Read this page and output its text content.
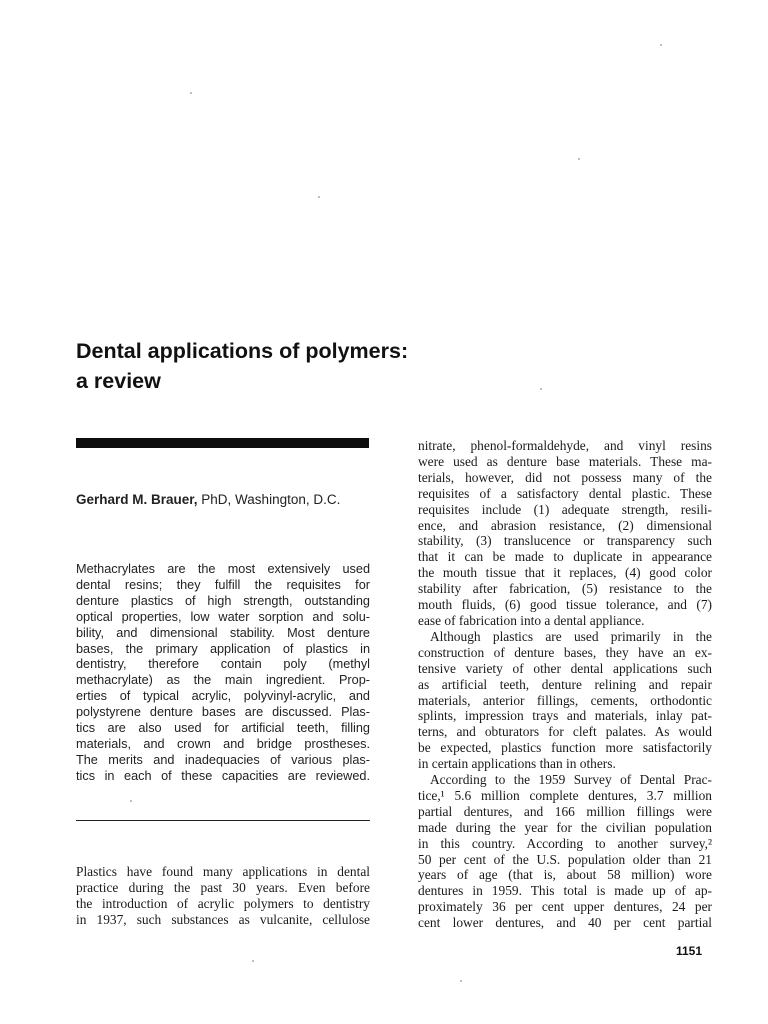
Dental applications of polymers:
a review
Gerhard M. Brauer, PhD, Washington, D.C.
Methacrylates are the most extensively used
dental resins; they fulfill the requisites for
denture plastics of high strength, outstanding
optical properties, low water sorption and solu-
bility, and dimensional stability. Most denture
bases, the primary application of plastics in
dentistry, therefore contain poly (methyl
methacrylate) as the main ingredient. Prop-
erties of typical acrylic, polyvinyl-acrylic, and
polystyrene denture bases are discussed. Plas-
tics are also used for artificial teeth, filling
materials, and crown and bridge prostheses.
The merits and inadequacies of various plas-
tics in each of these capacities are reviewed.
Plastics have found many applications in dental
practice during the past 30 years. Even before
the introduction of acrylic polymers to dentistry
in 1937, such substances as vulcanite, cellulose
nitrate, phenol-formaldehyde, and vinyl resins
were used as denture base materials. These ma-
terials, however, did not possess many of the
requisites of a satisfactory dental plastic. These
requisites include (1) adequate strength, resili-
ence, and abrasion resistance, (2) dimensional
stability, (3) translucence or transparency such
that it can be made to duplicate in appearance
the mouth tissue that it replaces, (4) good color
stability after fabrication, (5) resistance to the
mouth fluids, (6) good tissue tolerance, and (7)
ease of fabrication into a dental appliance.
Although plastics are used primarily in the
construction of denture bases, they have an ex-
tensive variety of other dental applications such
as artificial teeth, denture relining and repair
materials, anterior fillings, cements, orthodontic
splints, impression trays and materials, inlay pat-
terns, and obturators for cleft palates. As would
be expected, plastics function more satisfactorily
in certain applications than in others.
According to the 1959 Survey of Dental Prac-
tice,¹ 5.6 million complete dentures, 3.7 million
partial dentures, and 166 million fillings were
made during the year for the civilian population
in this country. According to another survey,²
50 per cent of the U.S. population older than 21
years of age (that is, about 58 million) wore
dentures in 1959. This total is made up of ap-
proximately 36 per cent upper dentures, 24 per
cent lower dentures, and 40 per cent partial
1151
